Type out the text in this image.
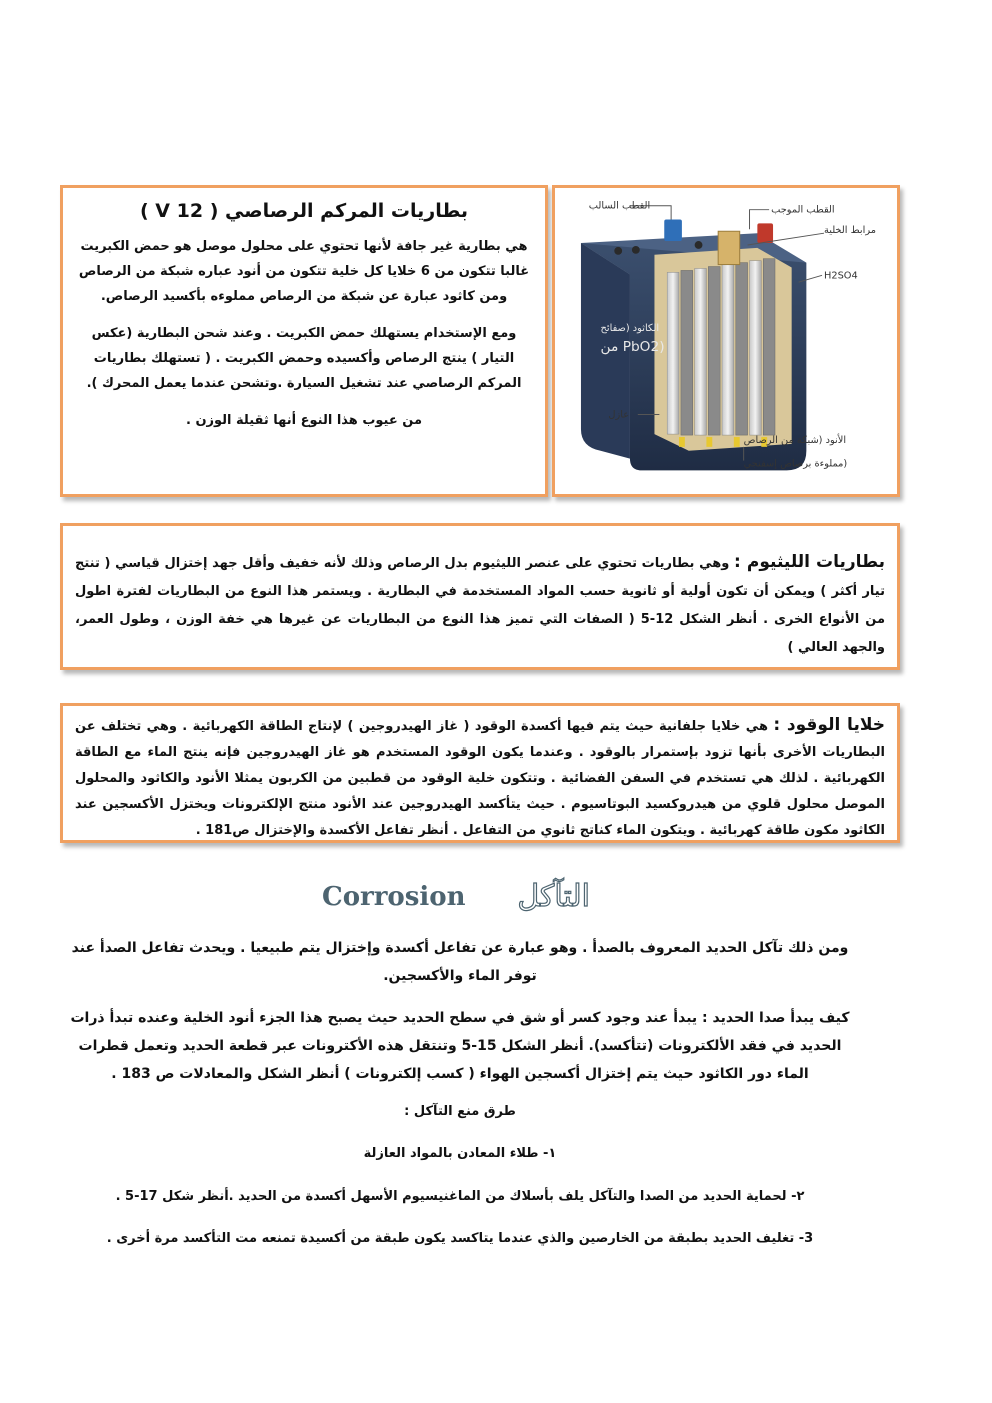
بطاريات المركم الرصاصي ( 12 V )

هي بطارية غير جافة لأنها تحتوي على محلول موصل هو حمض الكبريت غالبا تتكون من 6 خلايا كل خلية تتكون من أنود عباره شبكة من الرصاص ومن كاثود عبارة عن شبكة من الرصاص مملوءه بأكسيد الرصاص.

ومع الإستخدام يستهلك حمض الكبريت . وعند شحن البطارية (عكس التيار ) ينتج الرصاص وأكسيده وحمض الكبريت . ( تستهلك بطاريات المركم الرصاصي عند تشغيل السيارة .وتشحن عندما يعمل المحرك ).

من عيوب هذا النوع أنها ثقيلة الوزن .

القطب السالب	القطب الموجب
مرابط الخلية
H2SO4
الكاثود (صفائح
من PbO2)
عازل
الأنود (شبكة من الرصاص
مملوءة برصاص إسفنجي)
بطاريات الليثيوم : وهي بطاريات تحتوي على عنصر الليثيوم بدل الرصاص وذلك لأنه خفيف وأقل جهد إختزال قياسي ( تنتج تيار أكثر ) ويمكن أن تكون أولية أو ثانوية حسب المواد المستخدمة في البطارية . ويستمر هذا النوع من البطاريات لفترة اطول من الأنواع الخرى . أنظر الشكل 12-5 ( الصفات التي تميز هذا النوع من البطاريات عن غيرها هي خفة الوزن ، وطول العمر، والجهد العالي )
خلايا الوقود : هي خلايا جلفانية حيث يتم فيها أكسدة الوقود ( غاز الهيدروجين ) لإنتاج الطاقة الكهربائية . وهي تختلف عن البطاريات الأخرى بأنها تزود بإستمرار بالوقود . وعندما يكون الوقود المستخدم هو غاز الهيدروجين فإنه ينتج الماء مع الطاقة الكهربائية . لذلك هي تستخدم في السفن الفضائية . وتتكون خلية الوقود من قطبين من الكربون يمثلا الأنود والكاثود والمحلول الموصل محلول قلوي من هيدروكسيد البوتاسيوم . حيث يتأكسد الهيدروجين عند الأنود منتج الإلكترونات ويختزل الأكسجين عند الكاثود مكون طاقة كهربائية . ويتكون الماء كناتج ثانوي من التفاعل . أنظر تفاعل الأكسدة والإختزال ص181 .
Corrosion التآكل
ومن ذلك تآكل الحديد المعروف بالصدأ . وهو عبارة عن تفاعل أكسدة وإختزال يتم طبيعيا . ويحدث تفاعل الصدأ عند توفر الماء والأكسجين.
كيف يبدأ صدا الحديد : يبدأ عند وجود كسر أو شق في سطح الحديد حيث يصبح هذا الجزء أنود الخلية وعنده تبدأ ذرات الحديد في فقد الألكترونات (تتأكسد). أنظر الشكل 15-5 وتنتقل هذه الأكترونات عبر قطعة الحديد وتعمل قطرات الماء دور الكاثود حيث يتم إختزال أكسجين الهواء ( كسب إلكترونات ) أنظر الشكل والمعادلات ص 183 .
طرق منع التآكل :
١- طلاء المعادن بالمواد العازلة
٢- لحماية الحديد من الصدا والتآكل يلف بأسلاك من الماغنيسيوم الأسهل أكسدة من الحديد .أنظر شكل 17-5 .
3- تغليف الحديد بطبقة من الخارصين والذي عندما يتاكسد يكون طبقة من أكسيدة تمنعه مت التأكسد مرة أخرى .
